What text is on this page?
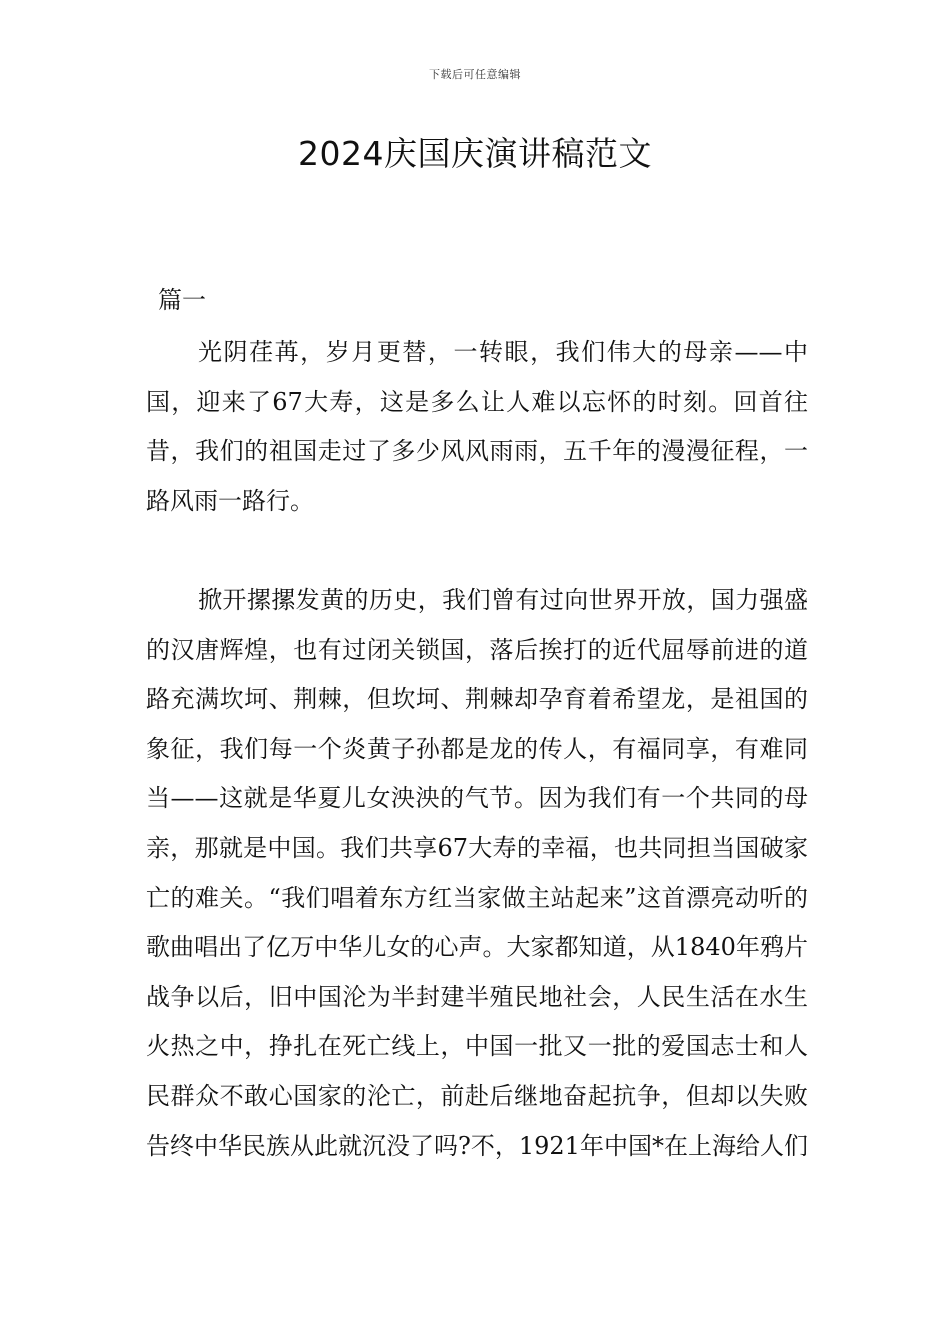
下载后可任意编辑
2024庆国庆演讲稿范文
篇一

光阴荏苒，岁月更替，一转眼，我们伟大的母亲——中国，迎来了67大寿，这是多么让人难以忘怀的时刻。回首往昔，我们的祖国走过了多少风风雨雨，五千年的漫漫征程，一路风雨一路行。

掀开摞摞发黄的历史，我们曾有过向世界开放，国力强盛的汉唐辉煌，也有过闭关锁国，落后挨打的近代屈辱前进的道路充满坎坷、荆棘，但坎坷、荆棘却孕育着希望龙，是祖国的象征，我们每一个炎黄子孙都是龙的传人，有福同享，有难同当——这就是华夏儿女泱泱的气节。因为我们有一个共同的母亲，那就是中国。我们共享67大寿的幸福，也共同担当国破家亡的难关。“我们唱着东方红当家做主站起来”这首漂亮动听的歌曲唱出了亿万中华儿女的心声。大家都知道，从1840年鸦片战争以后，旧中国沦为半封建半殖民地社会，人民生活在水生火热之中，挣扎在死亡线上，中国一批又一批的爱国志士和人民群众不敢心国家的沦亡，前赴后继地奋起抗争，但却以失败告终中华民族从此就沉没了吗?不，1921年中国*在上海给人们
